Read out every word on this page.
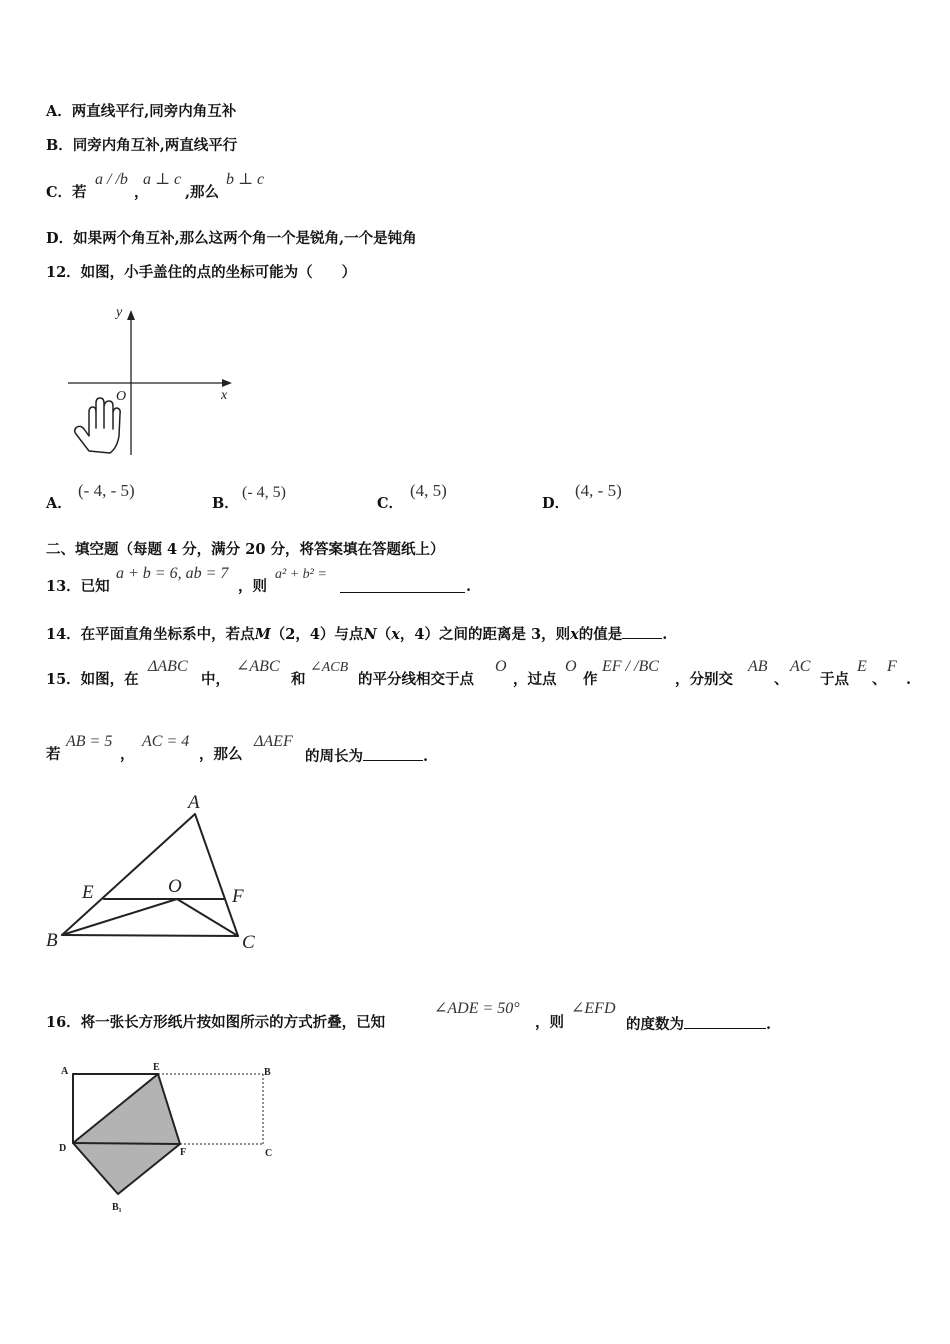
A．两直线平行,同旁内角互补
B．同旁内角互补,两直线平行
C．若
a / /b
，
a ⊥ c
,那么
b ⊥ c
D．如果两个角互补,那么这两个角一个是锐角,一个是钝角
12．如图，小手盖住的点的坐标可能为（　　）
y
x
O
A．
(- 4, - 5)
B．
(- 4, 5)
C．
(4, 5)
D．
(4, - 5)
二、填空题（每题 4 分，满分 20 分，将答案填在答题纸上）
13．已知
a + b = 6, ab = 7
，则
a² + b² =
.
14．在平面直角坐标系中，若点M（2，4）与点N（x，4）之间的距离是 3，则x的值是	.
15．如图，在
ΔABC
中，
∠ABC
和
∠ACB
的平分线相交于点
O
，过点
O
作
EF / /BC
，分别交
AB
、
AC
于点
E
、
F
.
若
AB = 5
，
AC = 4
，那么
ΔAEF
的周长为	.
A
B	C
E	F
O
16．将一张长方形纸片按如图所示的方式折叠，已知
∠ADE = 50°
，则
∠EFD
的度数为	.
A	E	B
D	F	C
B₁
